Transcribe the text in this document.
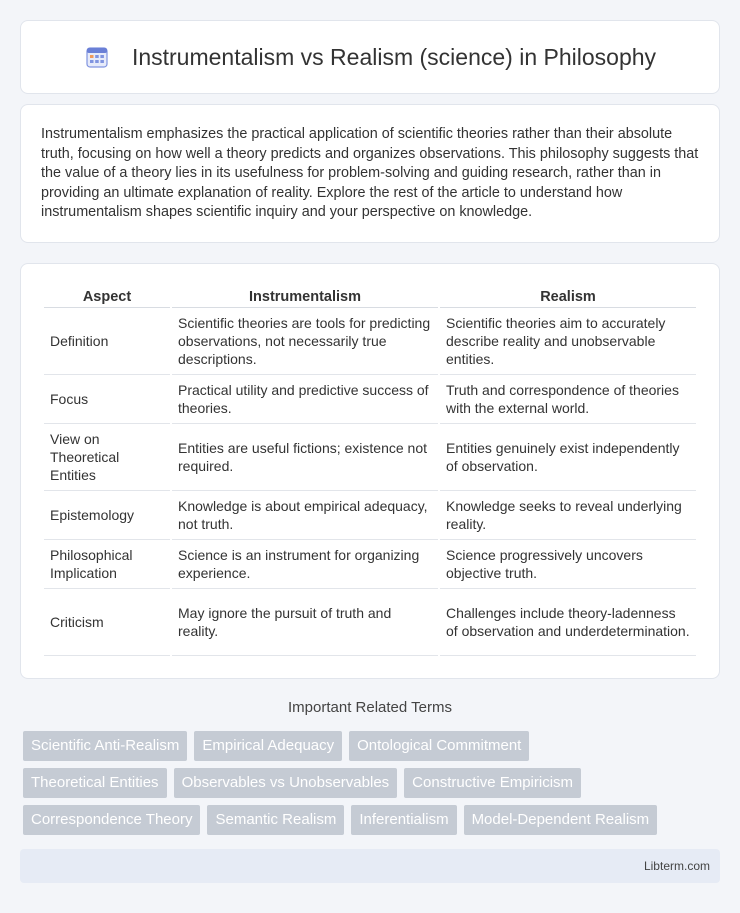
Instrumentalism vs Realism (science) in Philosophy

Instrumentalism emphasizes the practical application of scientific theories rather than their absolute truth, focusing on how well a theory predicts and organizes observations. This philosophy suggests that the value of a theory lies in its usefulness for problem-solving and guiding research, rather than in providing an ultimate explanation of reality. Explore the rest of the article to understand how instrumentalism shapes scientific inquiry and your perspective on knowledge.

Aspect	Instrumentalism	Realism
Definition	Scientific theories are tools for predicting observations, not necessarily true descriptions.	Scientific theories aim to accurately describe reality and unobservable entities.
Focus	Practical utility and predictive success of theories.	Truth and correspondence of theories with the external world.
View on Theoretical Entities	Entities are useful fictions; existence not required.	Entities genuinely exist independently of observation.
Epistemology	Knowledge is about empirical adequacy, not truth.	Knowledge seeks to reveal underlying reality.
Philosophical Implication	Science is an instrument for organizing experience.	Science progressively uncovers objective truth.
Criticism	May ignore the pursuit of truth and reality.	Challenges include theory-ladenness of observation and underdetermination.
Important Related Terms
Scientific Anti-Realism	Empirical Adequacy	Ontological Commitment
Theoretical Entities	Observables vs Unobservables	Constructive Empiricism
Correspondence Theory	Semantic Realism	Inferentialism	Model-Dependent Realism
Libterm.com
